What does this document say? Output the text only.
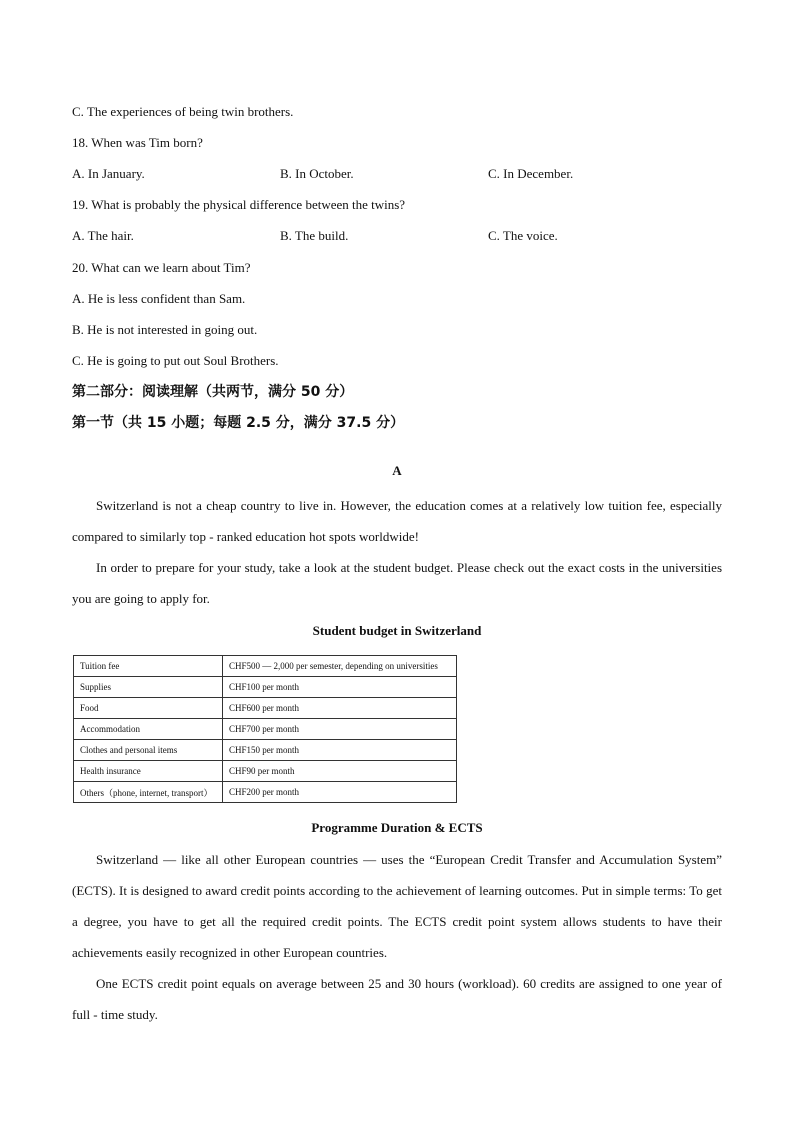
C. The experiences of being twin brothers.
18. When was Tim born?
A. In January.	B. In October.	C. In December.
19. What is probably the physical difference between the twins?
A. The hair.	B. The build.	C. The voice.
20. What can we learn about Tim?
A. He is less confident than Sam.
B. He is not interested in going out.
C. He is going to put out Soul Brothers.
第二部分：阅读理解（共两节，满分 50 分）
第一节（共 15 小题；每题 2.5 分，满分 37.5 分）
A
Switzerland is not a cheap country to live in. However, the education comes at a relatively low tuition fee, especially compared to similarly top - ranked education hot spots worldwide!
In order to prepare for your study, take a look at the student budget. Please check out the exact costs in the universities you are going to apply for.
Student budget in Switzerland
Tuition fee	CHF500 — 2,000 per semester, depending on universities
Supplies	CHF100 per month
Food	CHF600 per month
Accommodation	CHF700 per month
Clothes and personal items	CHF150 per month
Health insurance	CHF90 per month
Others（phone, internet, transport）	CHF200 per month
Programme Duration & ECTS
Switzerland — like all other European countries — uses the “European Credit Transfer and Accumulation System” (ECTS). It is designed to award credit points according to the achievement of learning outcomes. Put in simple terms: To get a degree, you have to get all the required credit points. The ECTS credit point system allows students to have their achievements easily recognized in other European countries.
One ECTS credit point equals on average between 25 and 30 hours (workload). 60 credits are assigned to one year of full - time study.
